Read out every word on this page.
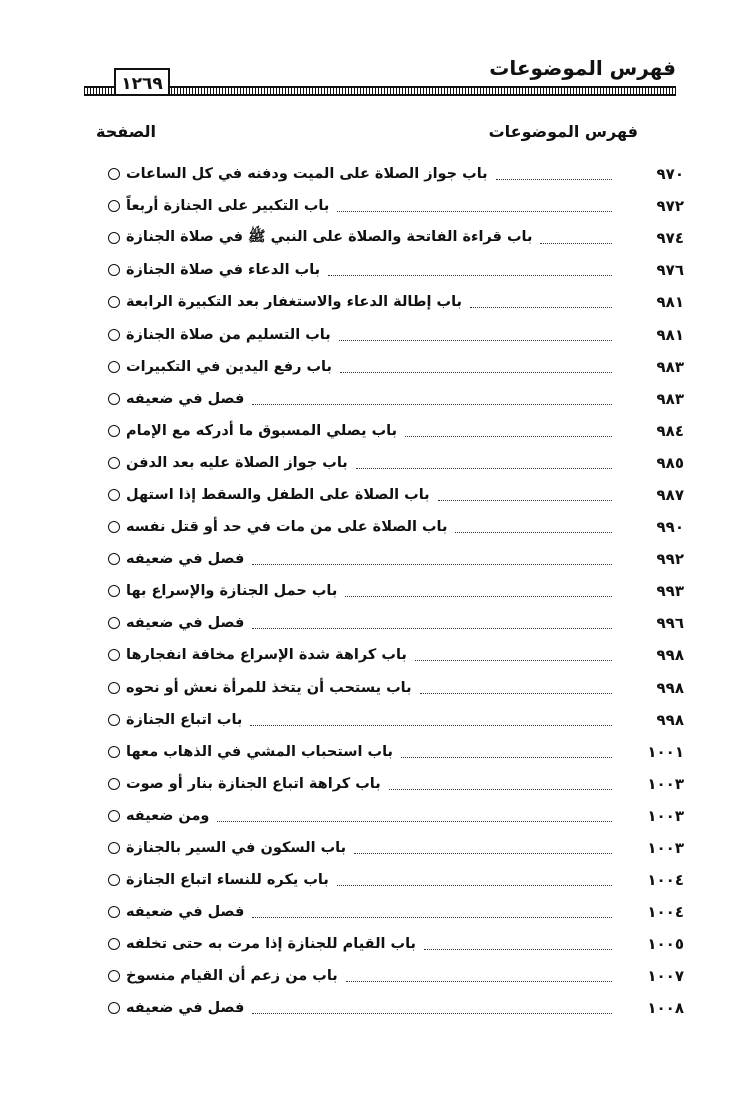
فهرس الموضوعات
١٢٦٩
فهرس الموضوعات
الصفحة
باب جواز الصلاة على الميت ودفنه في كل الساعات	٩٧٠
باب التكبير على الجنازة أربعاً	٩٧٢
باب قراءة الفاتحة والصلاة على النبي ﷺ في صلاة الجنازة	٩٧٤
باب الدعاء في صلاة الجنازة	٩٧٦
باب إطالة الدعاء والاستغفار بعد التكبيرة الرابعة	٩٨١
باب التسليم من صلاة الجنازة	٩٨١
باب رفع اليدين في التكبيرات	٩٨٣
فصل في ضعيفه	٩٨٣
باب يصلي المسبوق ما أدركه مع الإمام	٩٨٤
باب جواز الصلاة عليه بعد الدفن	٩٨٥
باب الصلاة على الطفل والسقط إذا استهل	٩٨٧
باب الصلاة على من مات في حد أو قتل نفسه	٩٩٠
فصل في ضعيفه	٩٩٢
باب حمل الجنازة والإسراع بها	٩٩٣
فصل في ضعيفه	٩٩٦
باب كراهة شدة الإسراع مخافة انفجارها	٩٩٨
باب يستحب أن يتخذ للمرأة نعش أو نحوه	٩٩٨
باب اتباع الجنازة	٩٩٨
باب استحباب المشي في الذهاب معها	١٠٠١
باب كراهة اتباع الجنازة بنار أو صوت	١٠٠٣
ومن ضعيفه	١٠٠٣
باب السكون في السير بالجنازة	١٠٠٣
باب يكره للنساء اتباع الجنازة	١٠٠٤
فصل في ضعيفه	١٠٠٤
باب القيام للجنازة إذا مرت به حتى تخلفه	١٠٠٥
باب من زعم أن القيام منسوخ	١٠٠٧
فصل في ضعيفه	١٠٠٨
